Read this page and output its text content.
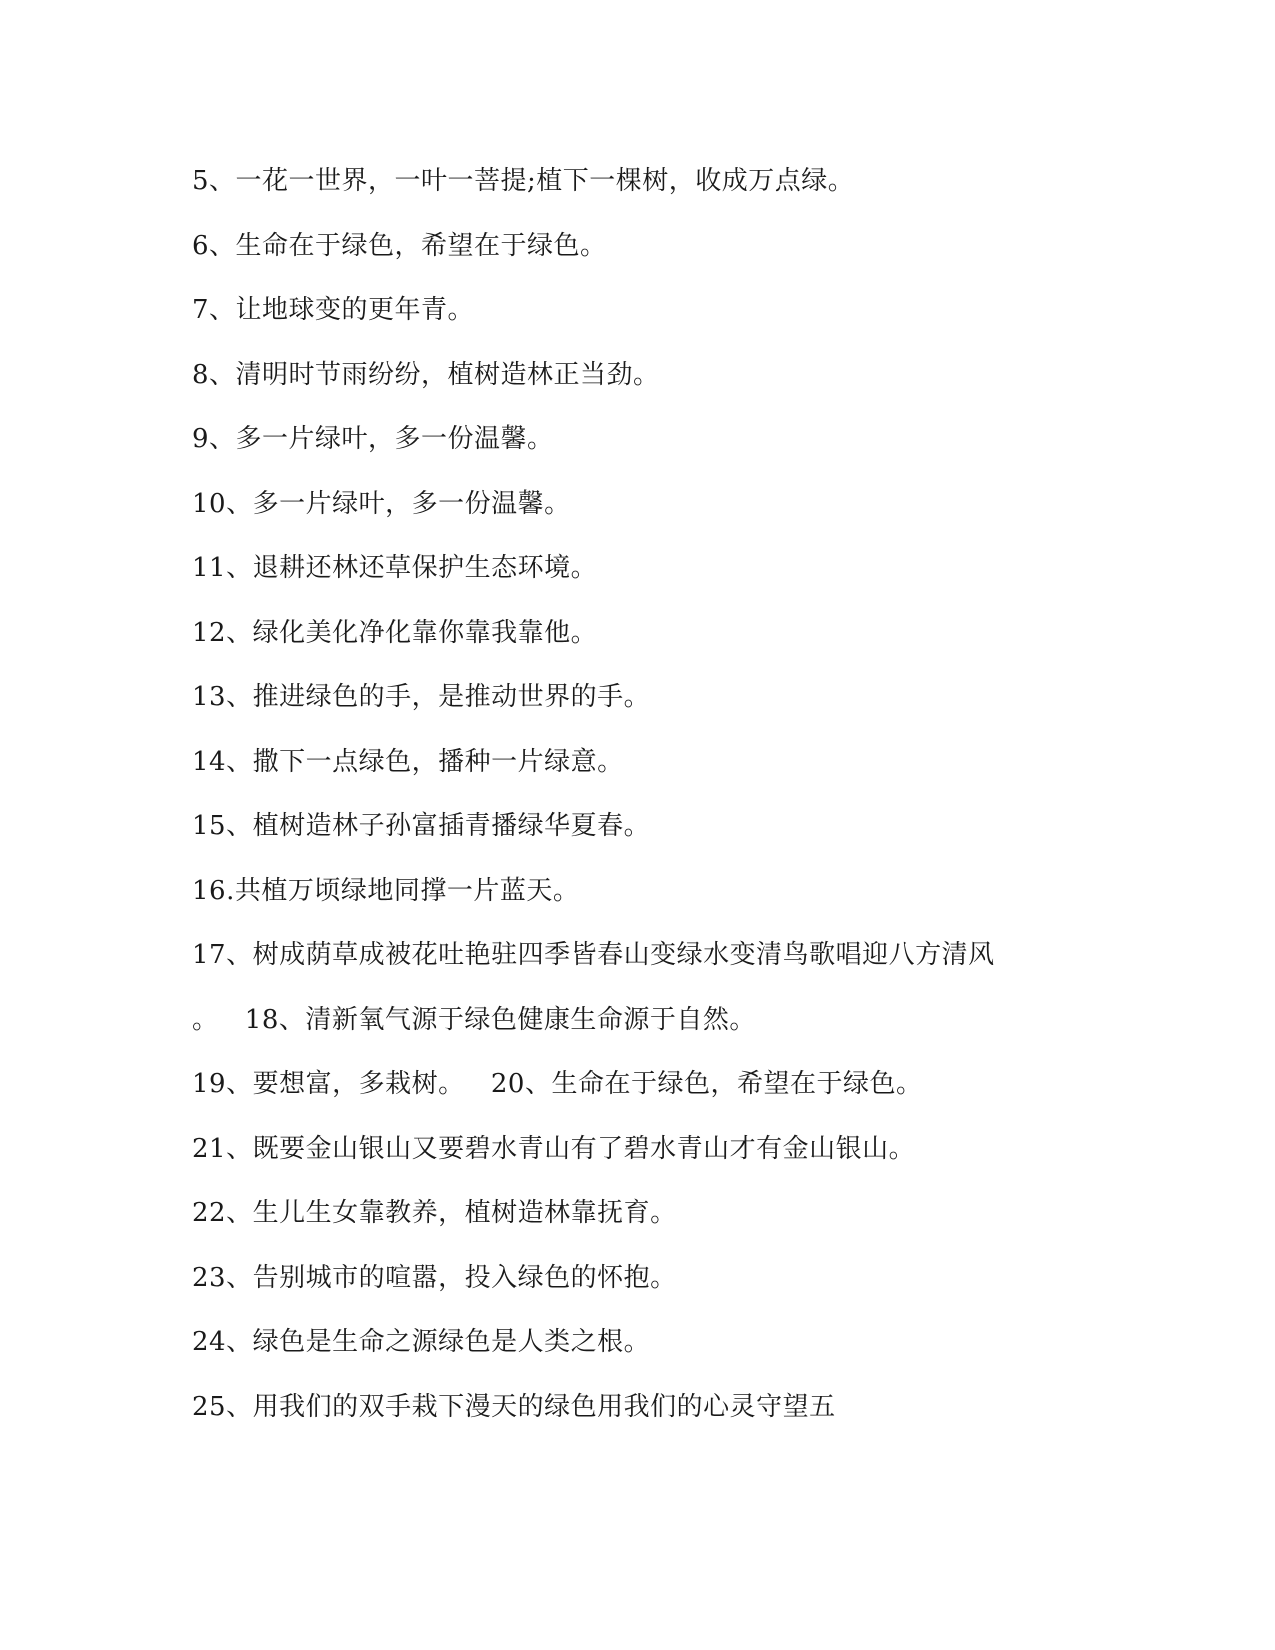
5、一花一世界，一叶一菩提;植下一棵树，收成万点绿。
6、生命在于绿色，希望在于绿色。
7、让地球变的更年青。
8、清明时节雨纷纷，植树造林正当劲。
9、多一片绿叶，多一份温馨。
10、多一片绿叶，多一份温馨。
11、退耕还林还草保护生态环境。
12、绿化美化净化靠你靠我靠他。
13、推进绿色的手，是推动世界的手。
14、撒下一点绿色，播种一片绿意。
15、植树造林子孙富插青播绿华夏春。
16.共植万顷绿地同撑一片蓝天。
17、树成荫草成被花吐艳驻四季皆春山变绿水变清鸟歌唱迎八方清风
。   18、清新氧气源于绿色健康生命源于自然。
19、要想富，多栽树。   20、生命在于绿色，希望在于绿色。
21、既要金山银山又要碧水青山有了碧水青山才有金山银山。
22、生儿生女靠教养，植树造林靠抚育。
23、告别城市的喧嚣，投入绿色的怀抱。
24、绿色是生命之源绿色是人类之根。
25、用我们的双手栽下漫天的绿色用我们的心灵守望五
